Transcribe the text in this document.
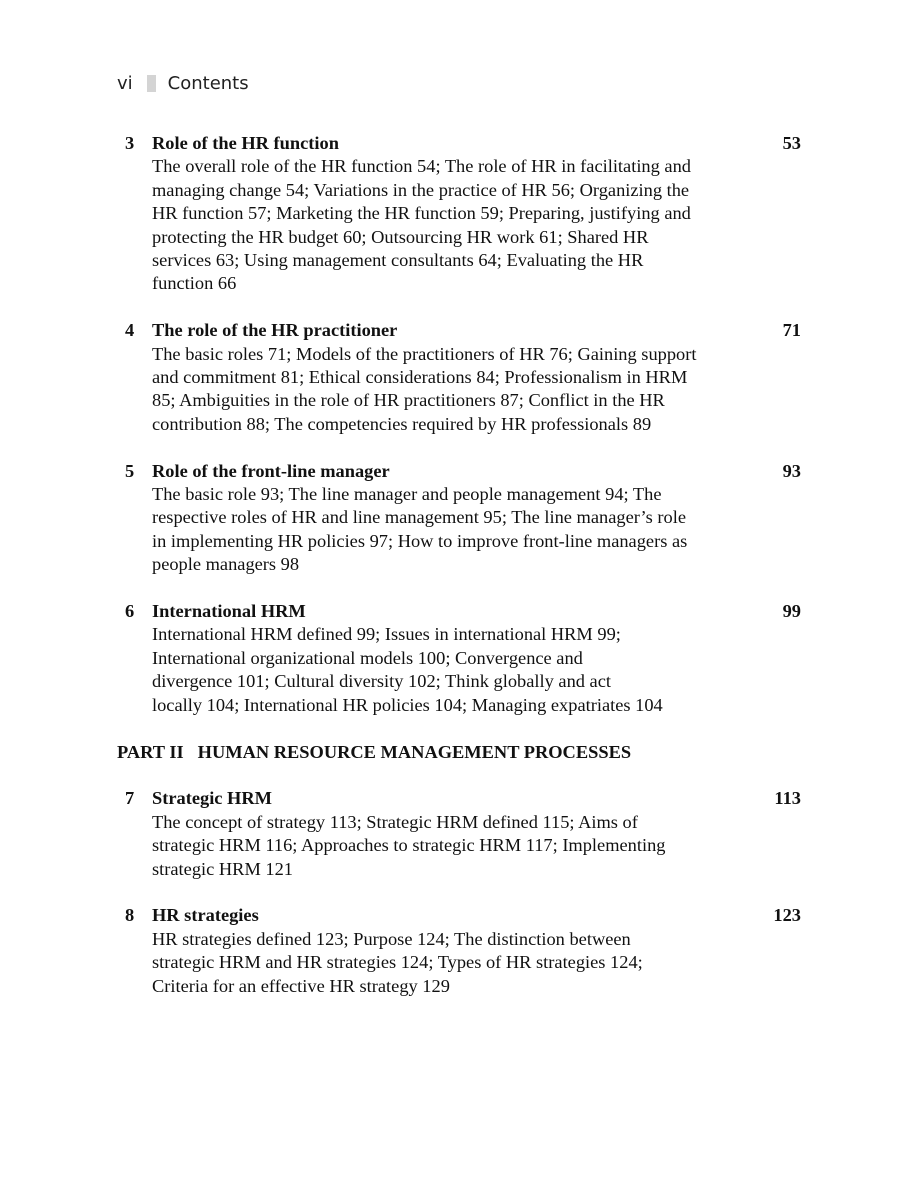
vi Contents
3 Role of the HR function
The overall role of the HR function 54; The role of HR in facilitating and
managing change 54; Variations in the practice of HR 56; Organizing the
HR function 57; Marketing the HR function 59; Preparing, justifying and
protecting the HR budget 60; Outsourcing HR work 61; Shared HR
services 63; Using management consultants 64; Evaluating the HR
function 66
53
4 The role of the HR practitioner
The basic roles 71; Models of the practitioners of HR 76; Gaining support
and commitment 81; Ethical considerations 84; Professionalism in HRM
85; Ambiguities in the role of HR practitioners 87; Conflict in the HR
contribution 88; The competencies required by HR professionals 89
71
5 Role of the front-line manager
The basic role 93; The line manager and people management 94; The
respective roles of HR and line management 95; The line manager’s role
in implementing HR policies 97; How to improve front-line managers as
people managers 98
93
6 International HRM
International HRM defined 99; Issues in international HRM 99;
International organizational models 100; Convergence and
divergence 101; Cultural diversity 102; Think globally and act
locally 104; International HR policies 104; Managing expatriates 104
99
PART II HUMAN RESOURCE MANAGEMENT PROCESSES
7 Strategic HRM
The concept of strategy 113; Strategic HRM defined 115; Aims of
strategic HRM 116; Approaches to strategic HRM 117; Implementing
strategic HRM 121
113
8 HR strategies
HR strategies defined 123; Purpose 124; The distinction between
strategic HRM and HR strategies 124; Types of HR strategies 124;
Criteria for an effective HR strategy 129
123
